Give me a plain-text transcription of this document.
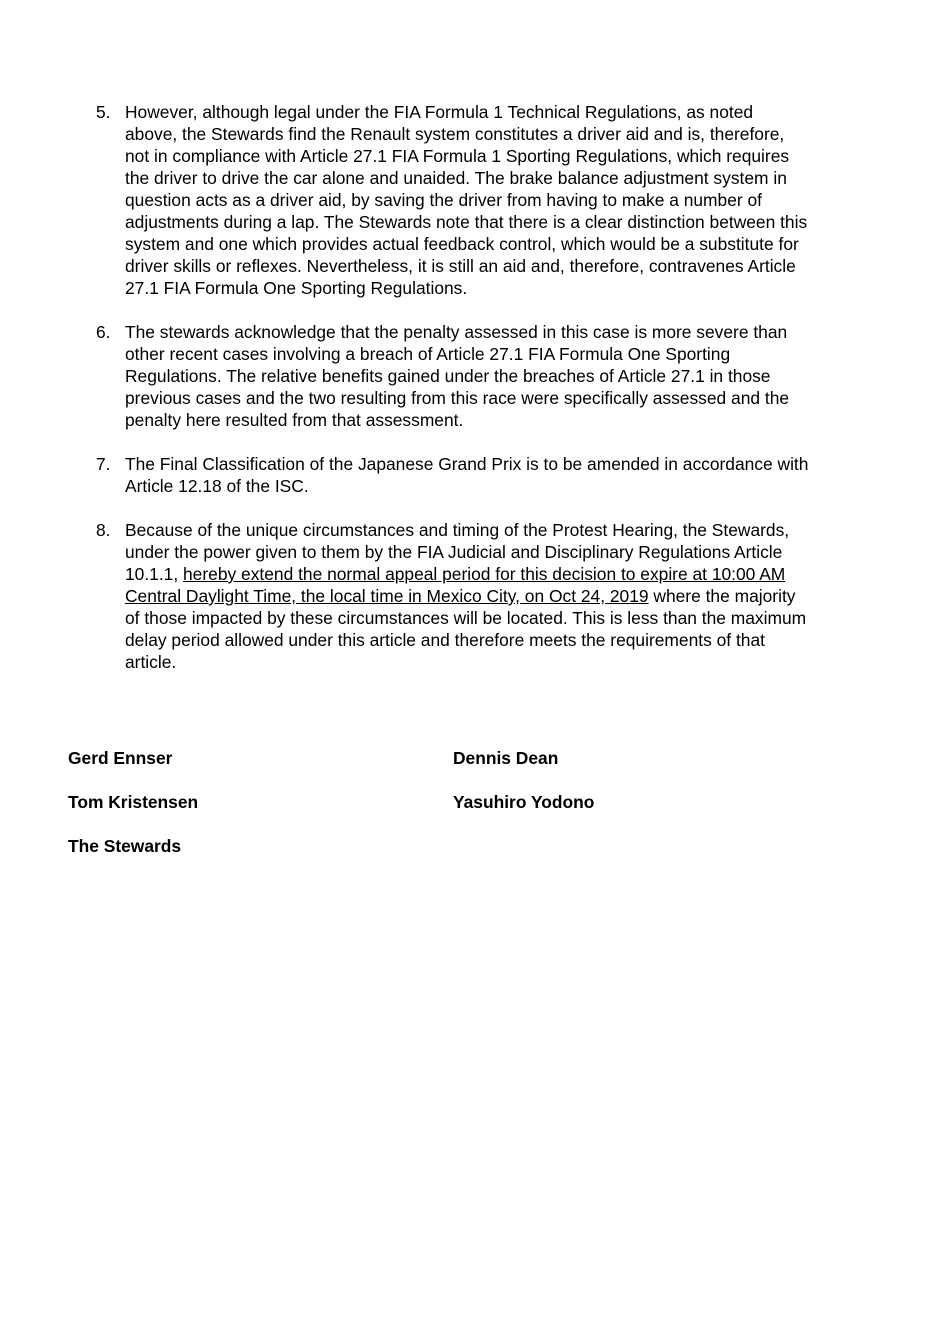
5. However, although legal under the FIA Formula 1 Technical Regulations, as noted
above, the Stewards find the Renault system constitutes a driver aid and is, therefore,
not in compliance with Article 27.1 FIA Formula 1 Sporting Regulations, which requires
the driver to drive the car alone and unaided. The brake balance adjustment system in
question acts as a driver aid, by saving the driver from having to make a number of
adjustments during a lap. The Stewards note that there is a clear distinction between this
system and one which provides actual feedback control, which would be a substitute for
driver skills or reflexes. Nevertheless, it is still an aid and, therefore, contravenes Article
27.1 FIA Formula One Sporting Regulations.
6. The stewards acknowledge that the penalty assessed in this case is more severe than
other recent cases involving a breach of Article 27.1 FIA Formula One Sporting
Regulations. The relative benefits gained under the breaches of Article 27.1 in those
previous cases and the two resulting from this race were specifically assessed and the
penalty here resulted from that assessment.
7. The Final Classification of the Japanese Grand Prix is to be amended in accordance with
Article 12.18 of the ISC.
8. Because of the unique circumstances and timing of the Protest Hearing, the Stewards,
under the power given to them by the FIA Judicial and Disciplinary Regulations Article
10.1.1, hereby extend the normal appeal period for this decision to expire at 10:00 AM
Central Daylight Time, the local time in Mexico City, on Oct 24, 2019 where the majority
of those impacted by these circumstances will be located. This is less than the maximum
delay period allowed under this article and therefore meets the requirements of that
article.
Gerd Ennser	Dennis Dean
Tom Kristensen	Yasuhiro Yodono
The Stewards
